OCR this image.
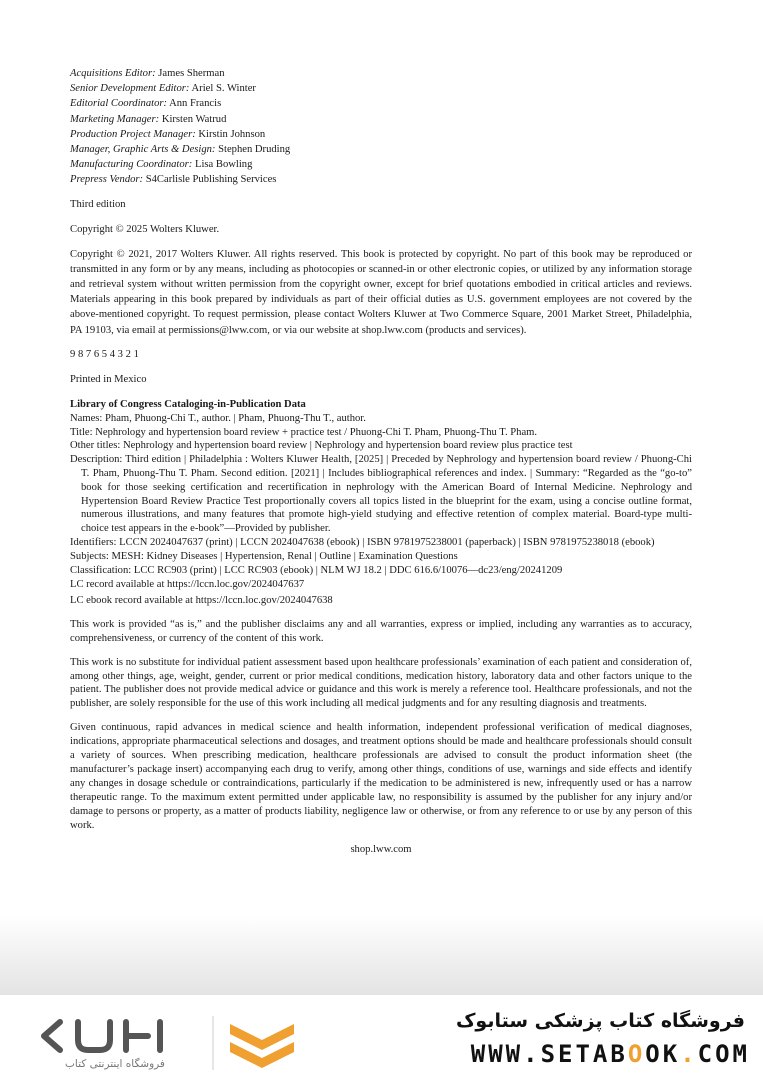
Acquisitions Editor: James Sherman

Senior Development Editor: Ariel S. Winter

Editorial Coordinator: Ann Francis

Marketing Manager: Kirsten Watrud

Production Project Manager: Kirstin Johnson

Manager, Graphic Arts & Design: Stephen Druding

Manufacturing Coordinator: Lisa Bowling

Prepress Vendor: S4Carlisle Publishing Services

Third edition

Copyright © 2025 Wolters Kluwer.

Copyright © 2021, 2017 Wolters Kluwer. All rights reserved. This book is protected by copyright. No part of this book may be reproduced or transmitted in any form or by any means, including as photocopies or scanned-in or other electronic copies, or utilized by any information storage and retrieval system without written permission from the copyright owner, except for brief quotations embodied in critical articles and reviews. Materials appearing in this book prepared by individuals as part of their official duties as U.S. government employees are not covered by the above-mentioned copyright. To request permission, please contact Wolters Kluwer at Two Commerce Square, 2001 Market Street, Philadelphia, PA 19103, via email at permissions@lww.com, or via our website at shop.lww.com (products and services).

9 8 7 6 5 4 3 2 1

Printed in Mexico

Library of Congress Cataloging-in-Publication Data

Names: Pham, Phuong-Chi T., author. | Pham, Phuong-Thu T., author.

Title: Nephrology and hypertension board review + practice test / Phuong-Chi T. Pham, Phuong-Thu T. Pham.

Other titles: Nephrology and hypertension board review | Nephrology and hypertension board review plus practice test

Description: Third edition | Philadelphia : Wolters Kluwer Health, [2025] | Preceded by Nephrology and hypertension board review / Phuong-Chi T. Pham, Phuong-Thu T. Pham. Second edition. [2021] | Includes bibliographical references and index. | Summary: “Regarded as the “go-to” book for those seeking certification and recertification in nephrology with the American Board of Internal Medicine. Nephrology and Hypertension Board Review Practice Test proportionally covers all topics listed in the blueprint for the exam, using a concise outline format, numerous illustrations, and many features that promote high-yield studying and effective retention of complex material. Board-type multi-choice test appears in the e-book”—Provided by publisher.

Identifiers: LCCN 2024047637 (print) | LCCN 2024047638 (ebook) | ISBN 9781975238001 (paperback) | ISBN 9781975238018 (ebook)

Subjects: MESH: Kidney Diseases | Hypertension, Renal | Outline | Examination Questions

Classification: LCC RC903 (print) | LCC RC903 (ebook) | NLM WJ 18.2 | DDC 616.6/10076—dc23/eng/20241209

LC record available at https://lccn.loc.gov/2024047637

LC ebook record available at https://lccn.loc.gov/2024047638

This work is provided “as is,” and the publisher disclaims any and all warranties, express or implied, including any warranties as to accuracy, comprehensiveness, or currency of the content of this work.

This work is no substitute for individual patient assessment based upon healthcare professionals’ examination of each patient and consideration of, among other things, age, weight, gender, current or prior medical conditions, medication history, laboratory data and other factors unique to the patient. The publisher does not provide medical advice or guidance and this work is merely a reference tool. Healthcare professionals, and not the publisher, are solely responsible for the use of this work including all medical judgments and for any resulting diagnosis and treatments.

Given continuous, rapid advances in medical science and health information, independent professional verification of medical diagnoses, indications, appropriate pharmaceutical selections and dosages, and treatment options should be made and healthcare professionals should consult a variety of sources. When prescribing medication, healthcare professionals are advised to consult the product information sheet (the manufacturer’s package insert) accompanying each drug to verify, among other things, conditions of use, warnings and side effects and identify any changes in dosage schedule or contraindications, particularly if the medication to be administered is new, infrequently used or has a narrow therapeutic range. To the maximum extent permitted under applicable law, no responsibility is assumed by the publisher for any injury and/or damage to persons or property, as a matter of products liability, negligence law or otherwise, or from any reference to or use by any person of this work.

shop.lww.com

فروشگاه اینترنتی کتاب
فروشگاه کتاب پزشکی ستابوک
WWW.SETABOOK.COM
